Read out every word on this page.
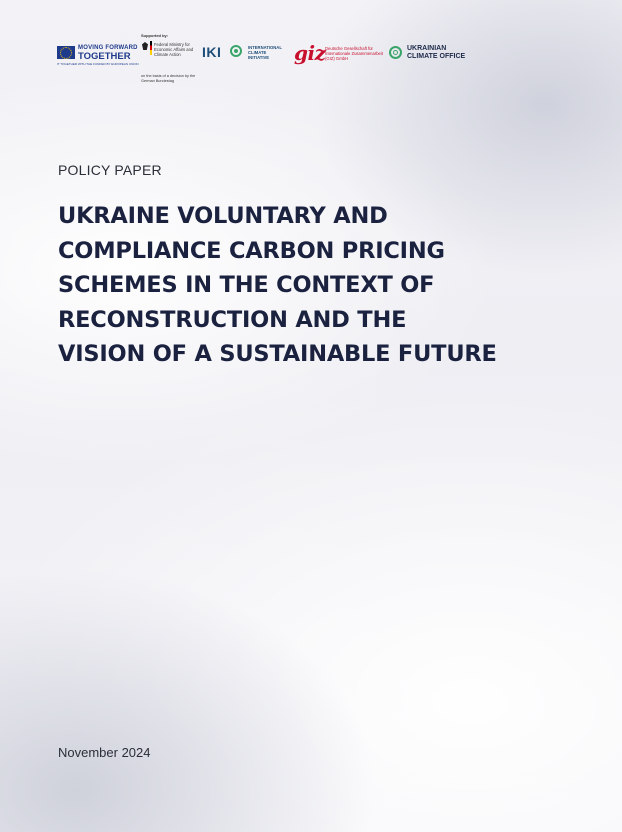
MOVING FORWARD
TOGETHER
IT TOGETHER WITH THE FUNDED BY EUROPEAN UNION
Supported by:
Federal Ministry for Economic Affairs and Climate Action
on the basis of a decision by the German Bundestag
IKI	INTERNATIONAL CLIMATE INITIATIVE	giz Deutsche Gesellschaft für Internationale Zusammenarbeit (GIZ) GmbH
UKRAINIAN
CLIMATE OFFICE
POLICY PAPER
UKRAINE VOLUNTARY AND
COMPLIANCE CARBON PRICING
SCHEMES IN THE CONTEXT OF
RECONSTRUCTION AND THE
VISION OF A SUSTAINABLE FUTURE
November 2024
